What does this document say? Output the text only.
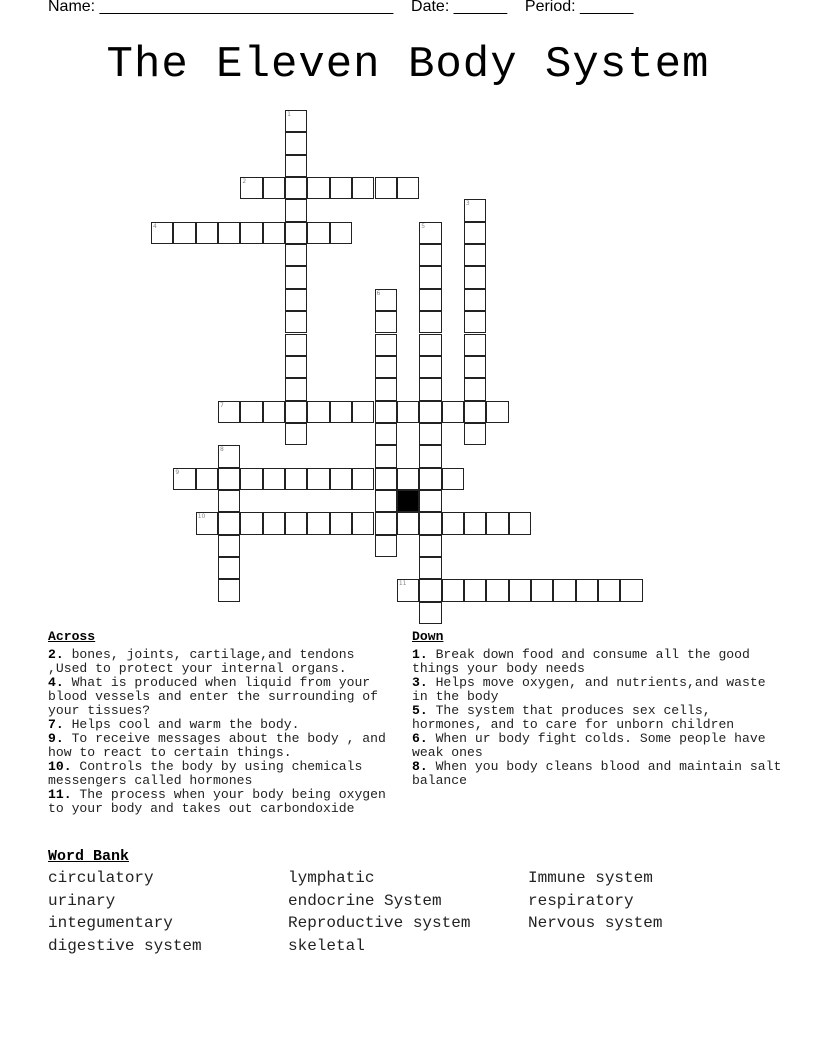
Name: _________________________________ Date: ______ Period: ______
The Eleven Body System
1
2
3
4	5
6
7
8
9
10
11
Across
2. bones, joints, cartilage,and tendons ,Used to protect your internal organs.
4. What is produced when liquid from your blood vessels and enter the surrounding of your tissues?
7. Helps cool and warm the body.
9. To receive messages about the body , and how to react to certain things.
10. Controls the body by using chemicals messengers called hormones
11. The process when your body being oxygen to your body and takes out carbondoxide
Down
1. Break down food and consume all the good things your body needs
3. Helps move oxygen, and nutrients,and waste in the body
5. The system that produces sex cells, hormones, and to care for unborn children
6. When ur body fight colds. Some people have weak ones
8. When you body cleans blood and maintain salt balance
Word Bank
circulatory	lymphatic	Immune system
urinary	endocrine System	respiratory
integumentary	Reproductive system	Nervous system
digestive system	skeletal
